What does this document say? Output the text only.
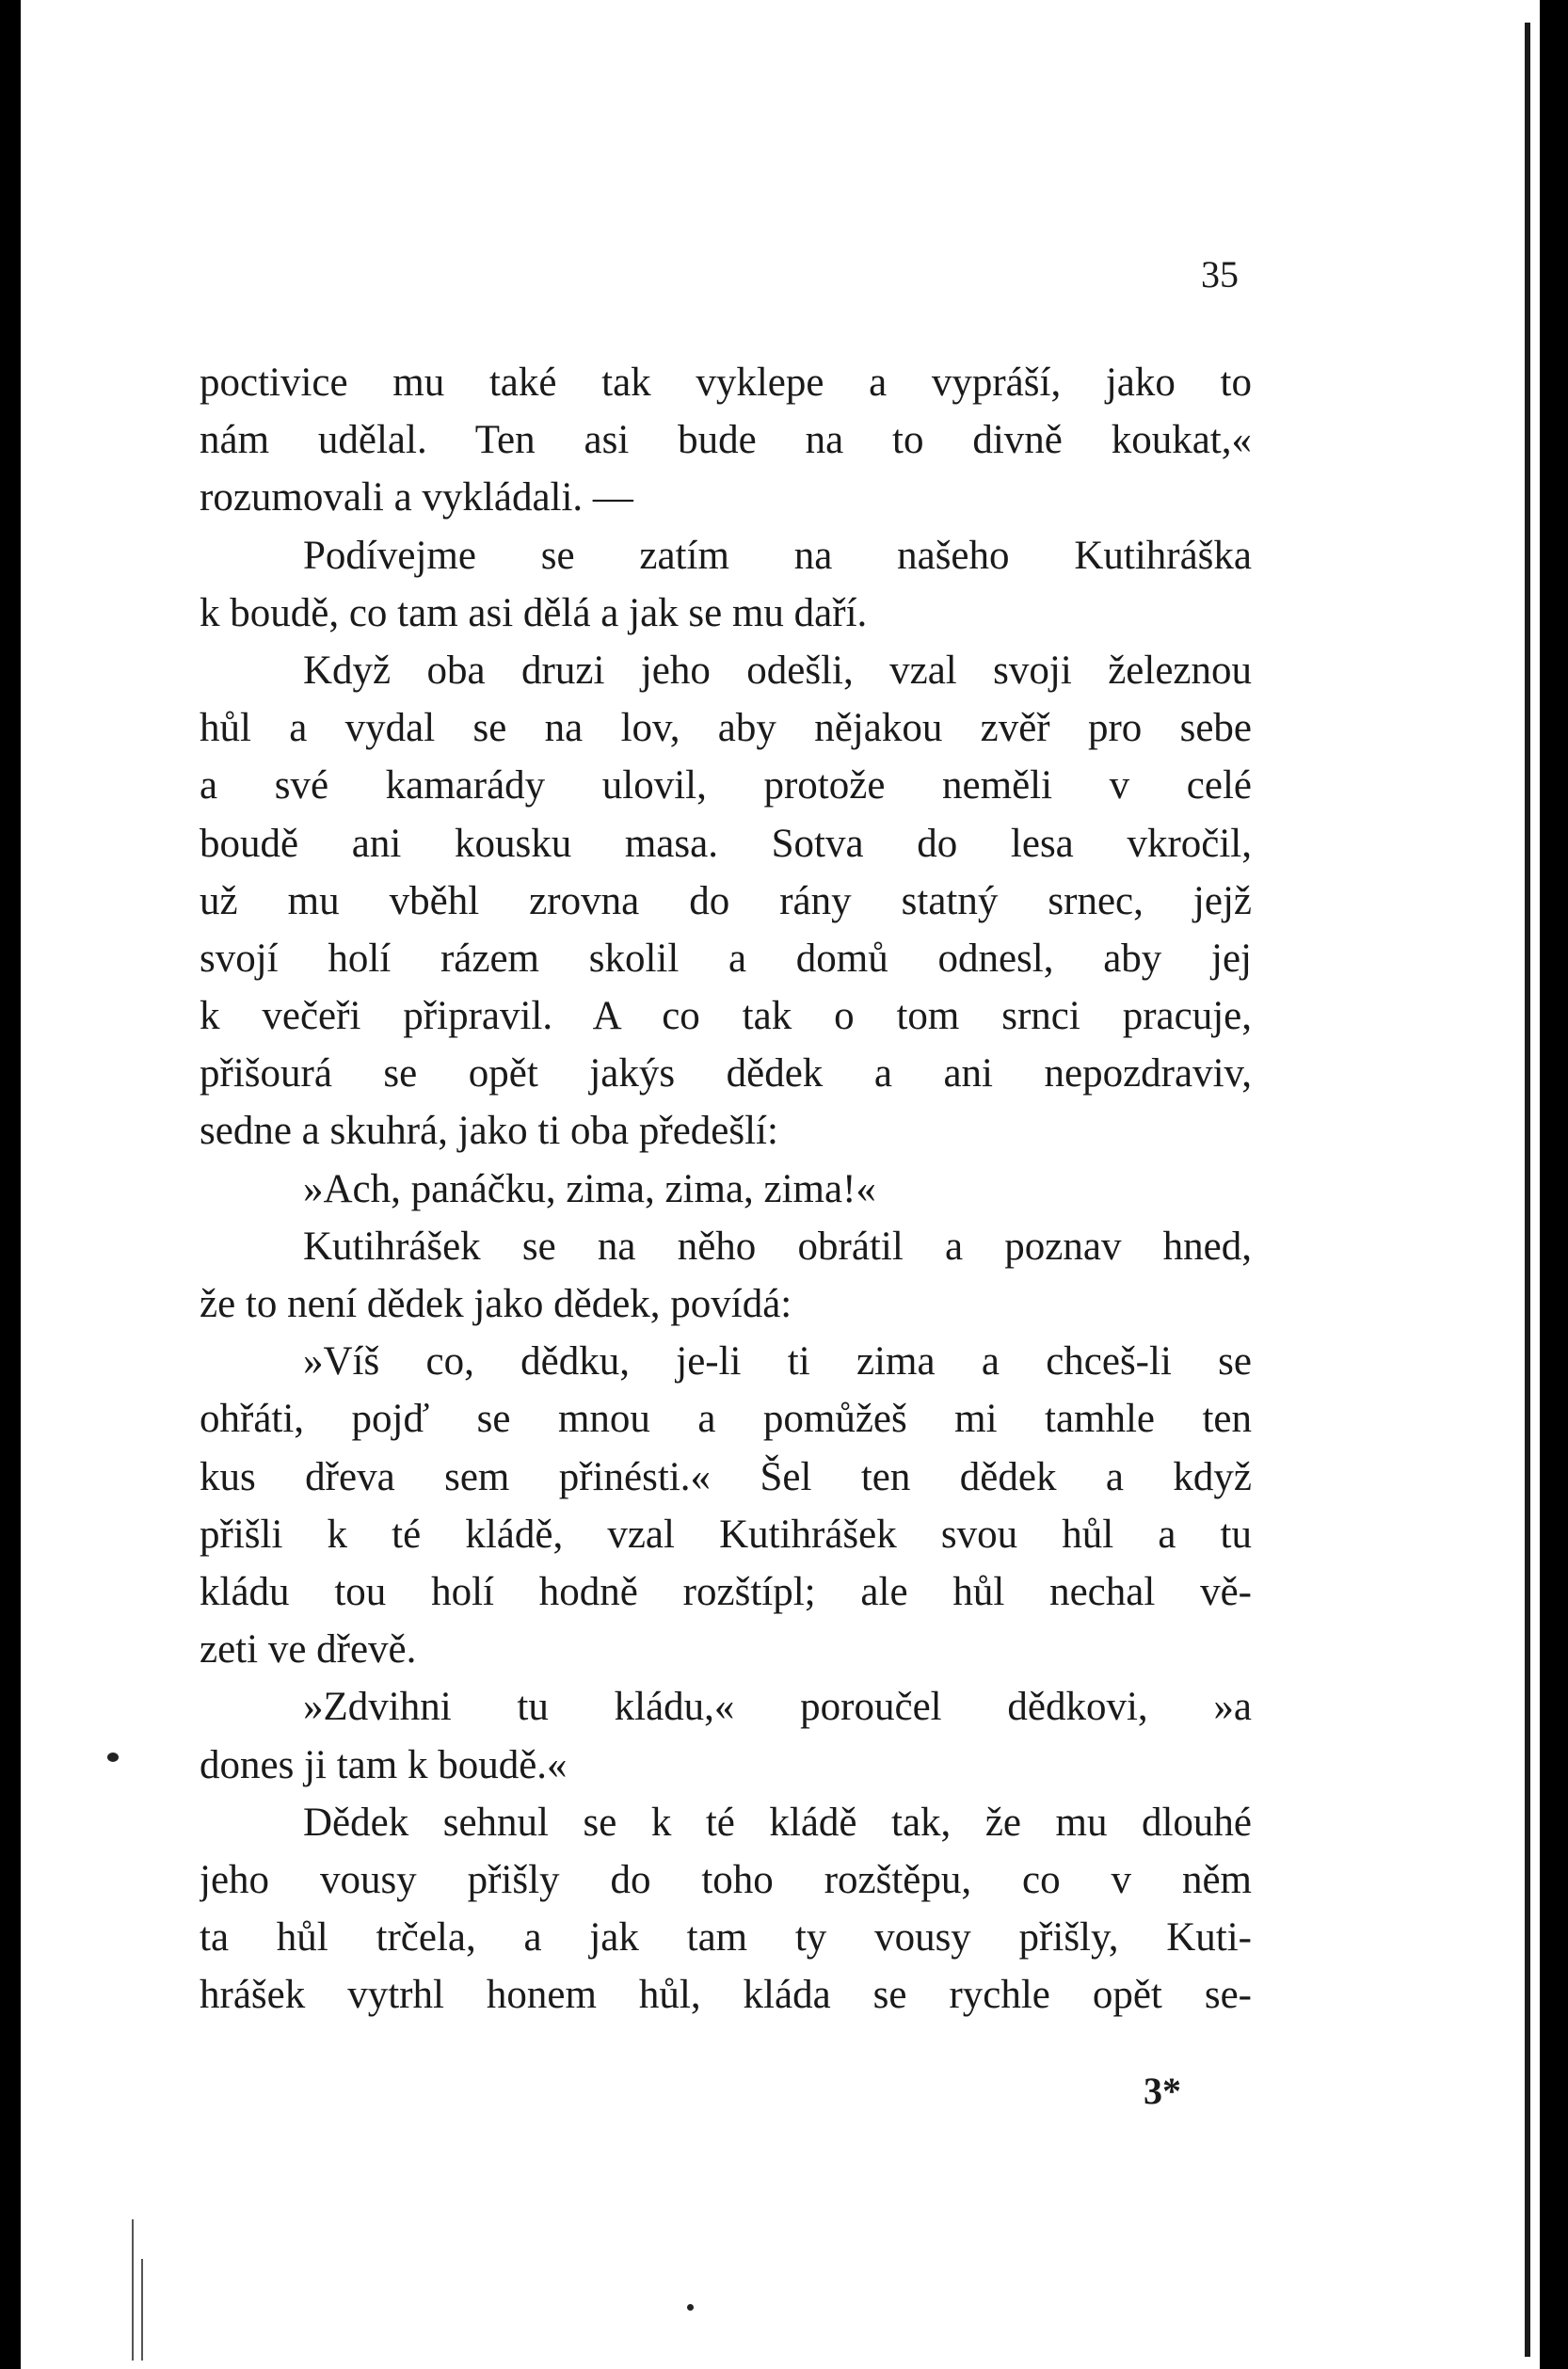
35
poctivice mu také tak vyklepe a vypráší, jako to
nám udělal. Ten asi bude na to divně koukat,«
rozumovali a vykládali. —
Podívejme se zatím na našeho Kutihráška
k boudě, co tam asi dělá a jak se mu daří.
Když oba druzi jeho odešli, vzal svoji železnou
hůl a vydal se na lov, aby nějakou zvěř pro sebe
a své kamarády ulovil, protože neměli v celé
boudě ani kousku masa. Sotva do lesa vkročil,
už mu vběhl zrovna do rány statný srnec, jejž
svojí holí rázem skolil a domů odnesl, aby jej
k večeři připravil. A co tak o tom srnci pracuje,
přišourá se opět jakýs dědek a ani nepozdraviv,
sedne a skuhrá, jako ti oba předešlí:
»Ach, panáčku, zima, zima, zima!«
Kutihrášek se na něho obrátil a poznav hned,
že to není dědek jako dědek, povídá:
»Víš co, dědku, je-li ti zima a chceš-li se
ohřáti, pojď se mnou a pomůžeš mi tamhle ten
kus dřeva sem přinésti.« Šel ten dědek a když
přišli k té kládě, vzal Kutihrášek svou hůl a tu
kládu tou holí hodně rozštípl; ale hůl nechal vě-
zeti ve dřevě.
»Zdvihni tu kládu,« poroučel dědkovi, »a
dones ji tam k boudě.«
Dědek sehnul se k té kládě tak, že mu dlouhé
jeho vousy přišly do toho rozštěpu, co v něm
ta hůl trčela, a jak tam ty vousy přišly, Kuti-
hrášek vytrhl honem hůl, kláda se rychle opět se-
3*
